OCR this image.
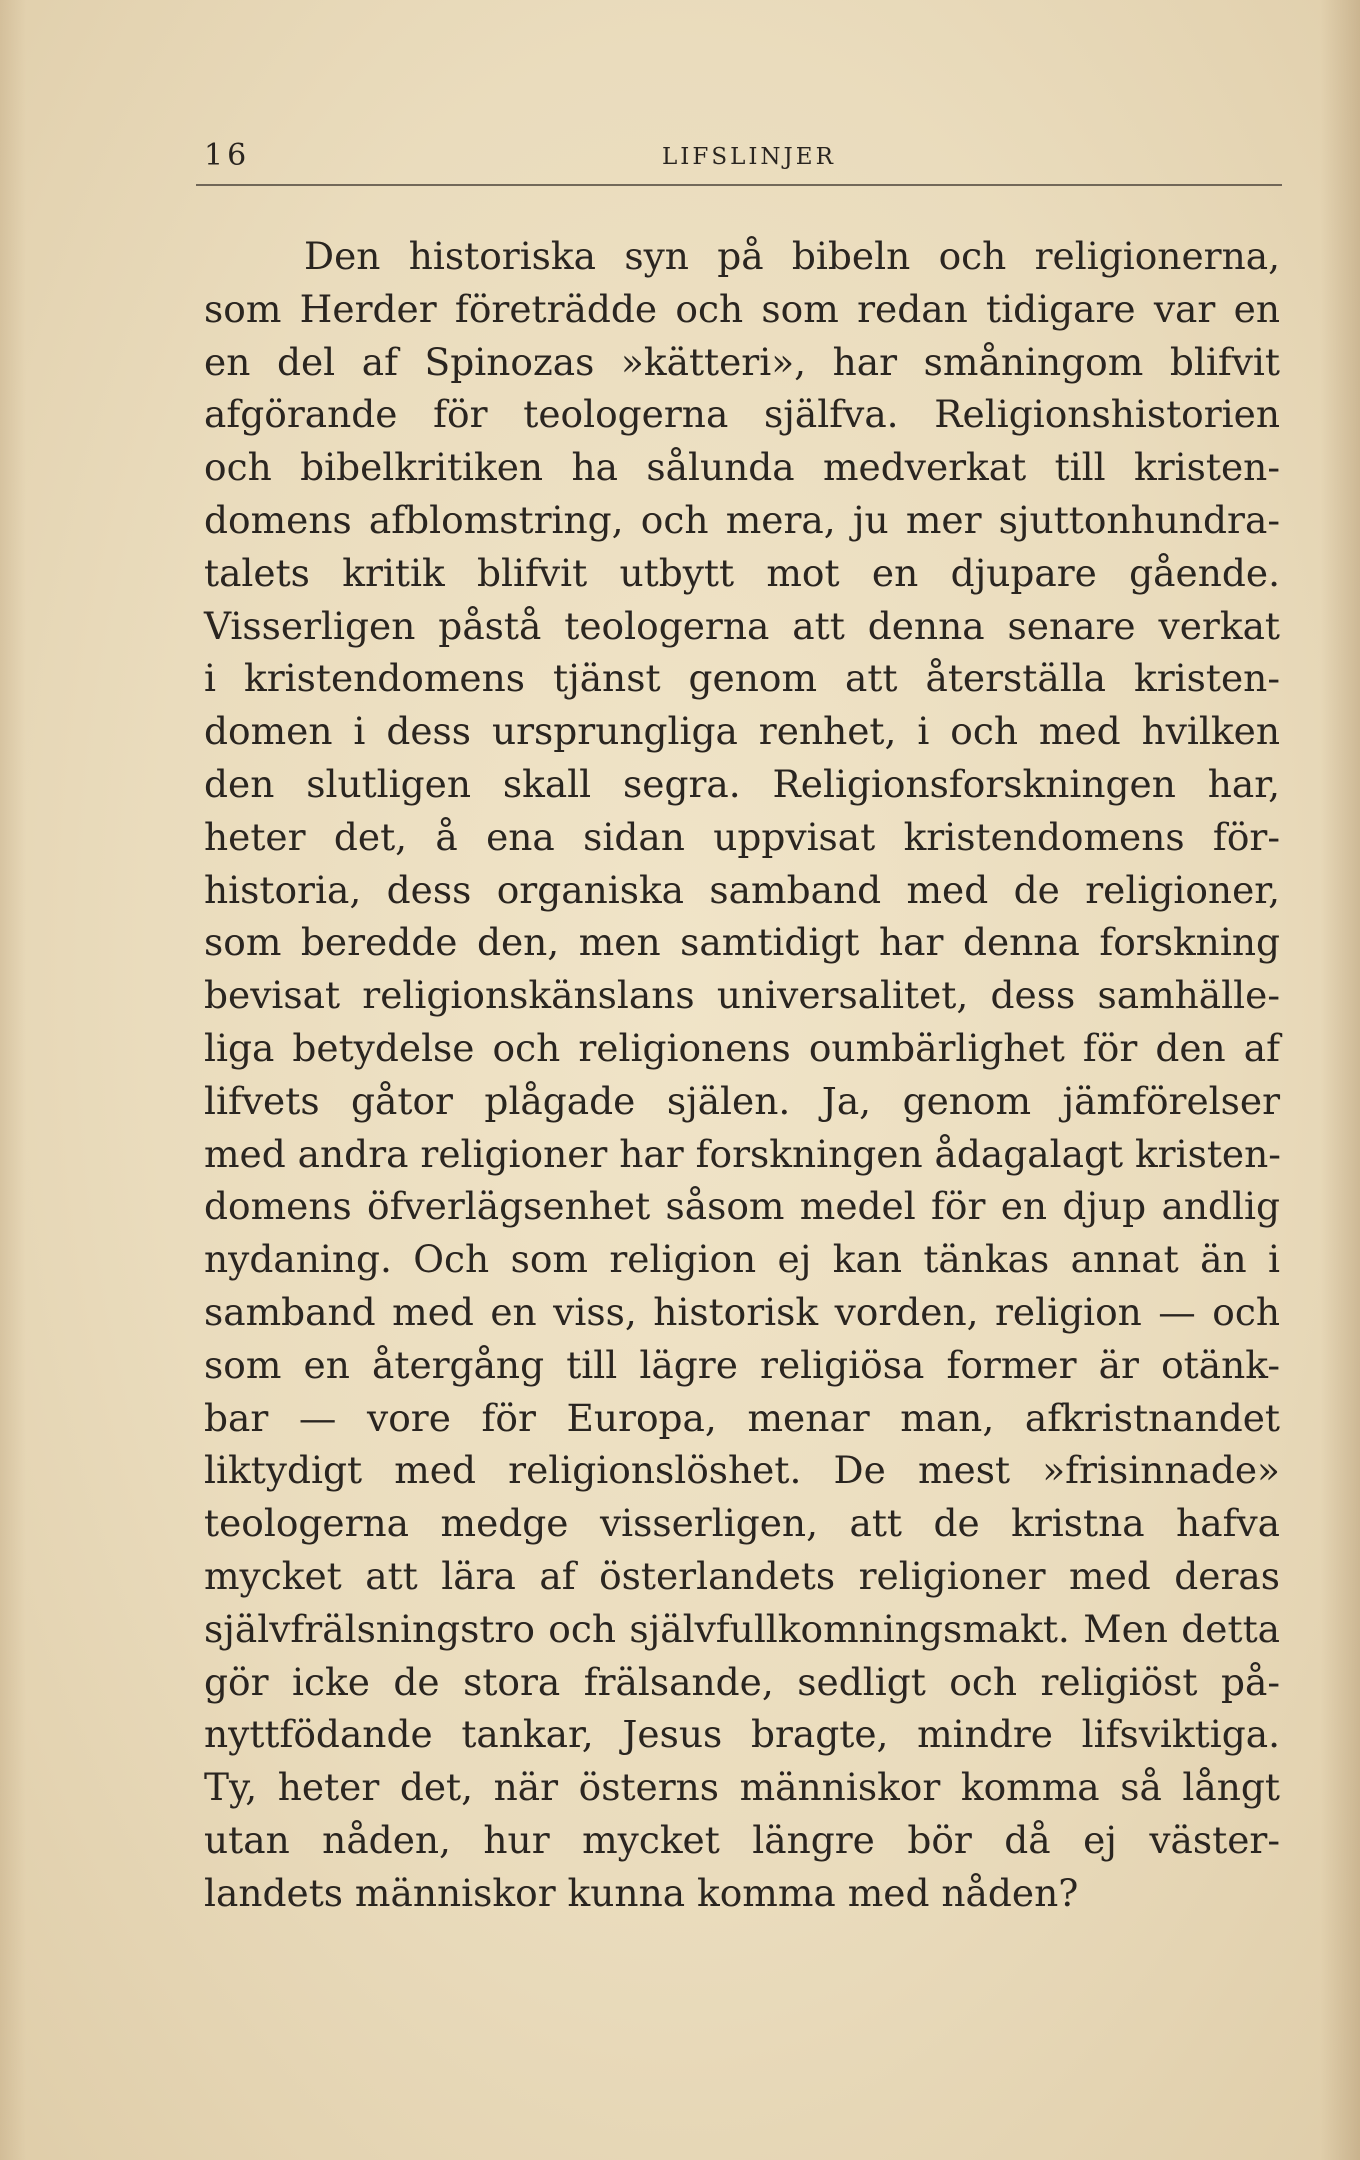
16	LIFSLINJER
Den historiska syn på bibeln och religionerna,
som Herder företrädde och som redan tidigare var en
en del af Spinozas »kätteri», har småningom blifvit
afgörande för teologerna själfva. Religionshistorien
och bibelkritiken ha sålunda medverkat till kristen-
domens afblomstring, och mera, ju mer sjuttonhundra-
talets kritik blifvit utbytt mot en djupare gående.
Visserligen påstå teologerna att denna senare verkat
i kristendomens tjänst genom att återställa kristen-
domen i dess ursprungliga renhet, i och med hvilken
den slutligen skall segra. Religionsforskningen har,
heter det, å ena sidan uppvisat kristendomens för-
historia, dess organiska samband med de religioner,
som beredde den, men samtidigt har denna forskning
bevisat religionskänslans universalitet, dess samhälle-
liga betydelse och religionens oumbärlighet för den af
lifvets gåtor plågade själen. Ja, genom jämförelser
med andra religioner har forskningen ådagalagt kristen-
domens öfverlägsenhet såsom medel för en djup andlig
nydaning. Och som religion ej kan tänkas annat än i
samband med en viss, historisk vorden, religion — och
som en återgång till lägre religiösa former är otänk-
bar — vore för Europa, menar man, afkristnandet
liktydigt med religionslöshet. De mest »frisinnade»
teologerna medge visserligen, att de kristna hafva
mycket att lära af österlandets religioner med deras
självfrälsningstro och självfullkomningsmakt. Men detta
gör icke de stora frälsande, sedligt och religiöst på-
nyttfödande tankar, Jesus bragte, mindre lifsviktiga.
Ty, heter det, när österns människor komma så långt
utan nåden, hur mycket längre bör då ej väster-
landets människor kunna komma med nåden?
